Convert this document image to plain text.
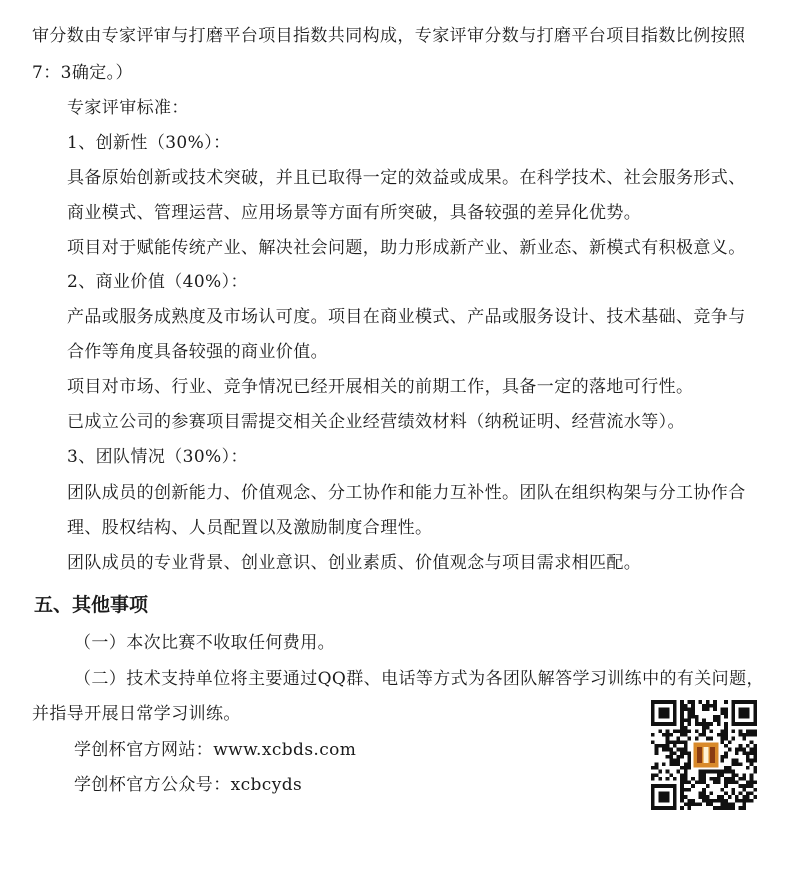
审分数由专家评审与打磨平台项目指数共同构成，专家评审分数与打磨平台项目指数比例按照
7：3确定。）
专家评审标准：
1、创新性（30%）：
具备原始创新或技术突破，并且已取得一定的效益或成果。在科学技术、社会服务形式、
商业模式、管理运营、应用场景等方面有所突破，具备较强的差异化优势。
项目对于赋能传统产业、解决社会问题，助力形成新产业、新业态、新模式有积极意义。
2、商业价值（40%）：
产品或服务成熟度及市场认可度。项目在商业模式、产品或服务设计、技术基础、竞争与
合作等角度具备较强的商业价值。
项目对市场、行业、竞争情况已经开展相关的前期工作，具备一定的落地可行性。
已成立公司的参赛项目需提交相关企业经营绩效材料（纳税证明、经营流水等）。
3、团队情况（30%）：
团队成员的创新能力、价值观念、分工协作和能力互补性。团队在组织构架与分工协作合
理、股权结构、人员配置以及激励制度合理性。
团队成员的专业背景、创业意识、创业素质、价值观念与项目需求相匹配。
五、其他事项
（一）本次比赛不收取任何费用。
（二）技术支持单位将主要通过QQ群、电话等方式为各团队解答学习训练中的有关问题，
并指导开展日常学习训练。
学创杯官方网站：www.xcbds.com
学创杯官方公众号：xcbcyds
